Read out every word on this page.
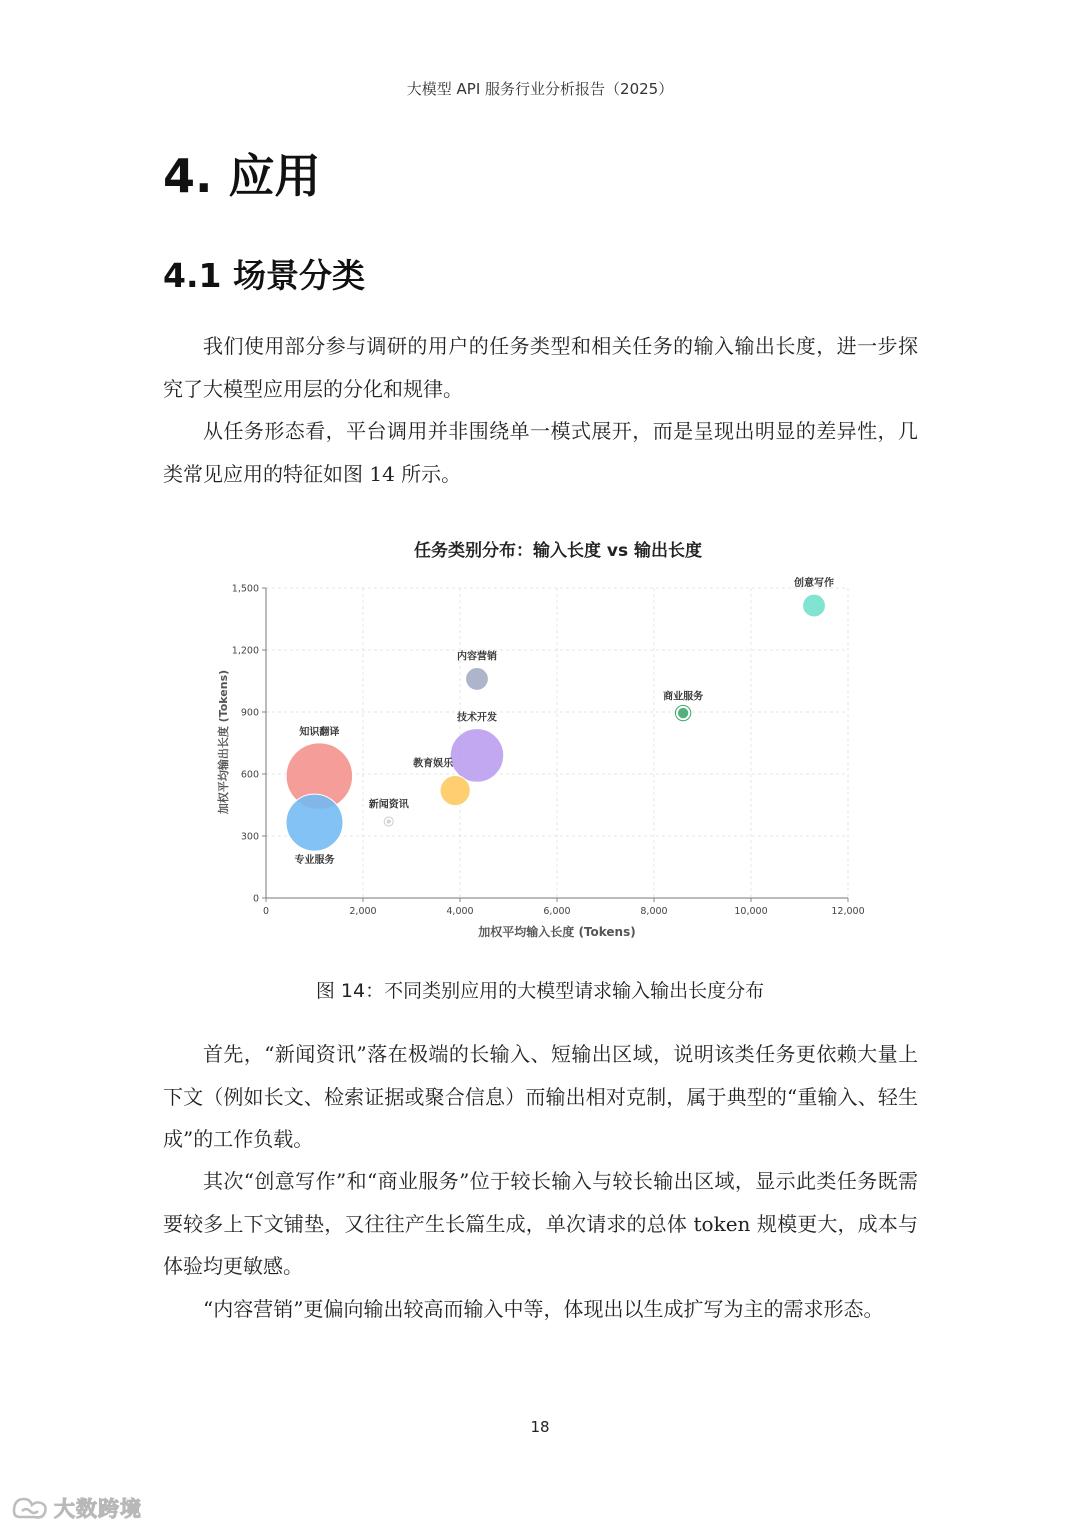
大模型 API 服务行业分析报告（2025）
4. 应用
4.1 场景分类

我们使用部分参与调研的用户的任务类型和相关任务的输入输出长度，进一步探究了大模型应用层的分化和规律。

从任务形态看，平台调用并非围绕单一模式展开，而是呈现出明显的差异性，几类常见应用的特征如图 14 所示。

任务类别分布：输入长度 vs 输出长度
0	2,000	4,000	6,000	8,000	10,000	12,000
0
300
600
900
1,200
1,500	创意写作
内容营销
商业服务
技术开发
知识翻译
教育娱乐
新闻资讯
专业服务
加权平均输入长度 (Tokens)
加权平均输出长度 (Tokens)
图 14：不同类别应用的大模型请求输入输出长度分布

首先，“新闻资讯”落在极端的长输入、短输出区域，说明该类任务更依赖大量上下文（例如长文、检索证据或聚合信息）而输出相对克制，属于典型的“重输入、轻生成”的工作负载。

其次“创意写作”和“商业服务”位于较长输入与较长输出区域，显示此类任务既需要较多上下文铺垫，又往往产生长篇生成，单次请求的总体 token 规模更大，成本与体验均更敏感。

“内容营销”更偏向输出较高而输入中等，体现出以生成扩写为主的需求形态。

18
大数跨境
